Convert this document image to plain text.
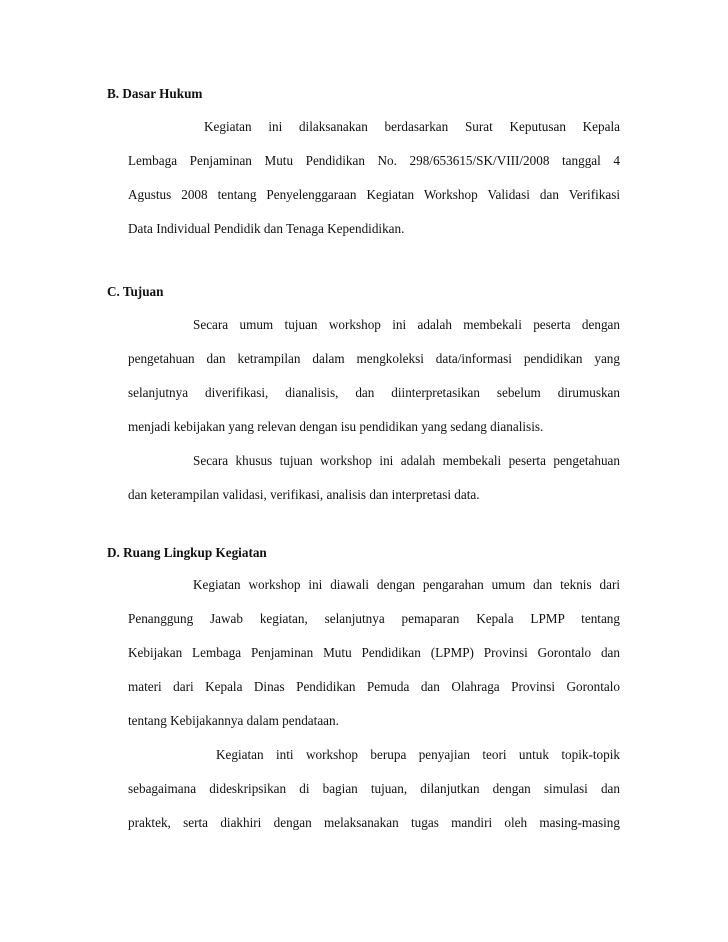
B. Dasar Hukum
Kegiatan ini dilaksanakan berdasarkan Surat Keputusan Kepala
Lembaga Penjaminan Mutu Pendidikan No. 298/653615/SK/VIII/2008 tanggal 4
Agustus 2008 tentang Penyelenggaraan Kegiatan Workshop Validasi dan Verifikasi
Data Individual Pendidik dan Tenaga Kependidikan.
C. Tujuan
Secara umum tujuan workshop ini adalah membekali peserta dengan
pengetahuan dan ketrampilan dalam mengkoleksi data/informasi pendidikan yang
selanjutnya diverifikasi, dianalisis, dan diinterpretasikan sebelum dirumuskan
menjadi kebijakan yang relevan dengan isu pendidikan yang sedang dianalisis.
Secara khusus tujuan workshop ini adalah membekali peserta pengetahuan
dan keterampilan validasi, verifikasi, analisis dan interpretasi data.
D. Ruang Lingkup Kegiatan
Kegiatan workshop ini diawali dengan pengarahan umum dan teknis dari
Penanggung Jawab kegiatan, selanjutnya pemaparan Kepala LPMP tentang
Kebijakan Lembaga Penjaminan Mutu Pendidikan (LPMP) Provinsi Gorontalo dan
materi dari Kepala Dinas Pendidikan Pemuda dan Olahraga Provinsi Gorontalo
tentang Kebijakannya dalam pendataan.
Kegiatan inti workshop berupa penyajian teori untuk topik-topik
sebagaimana dideskripsikan di bagian tujuan, dilanjutkan dengan simulasi dan
praktek, serta diakhiri dengan melaksanakan tugas mandiri oleh masing-masing
